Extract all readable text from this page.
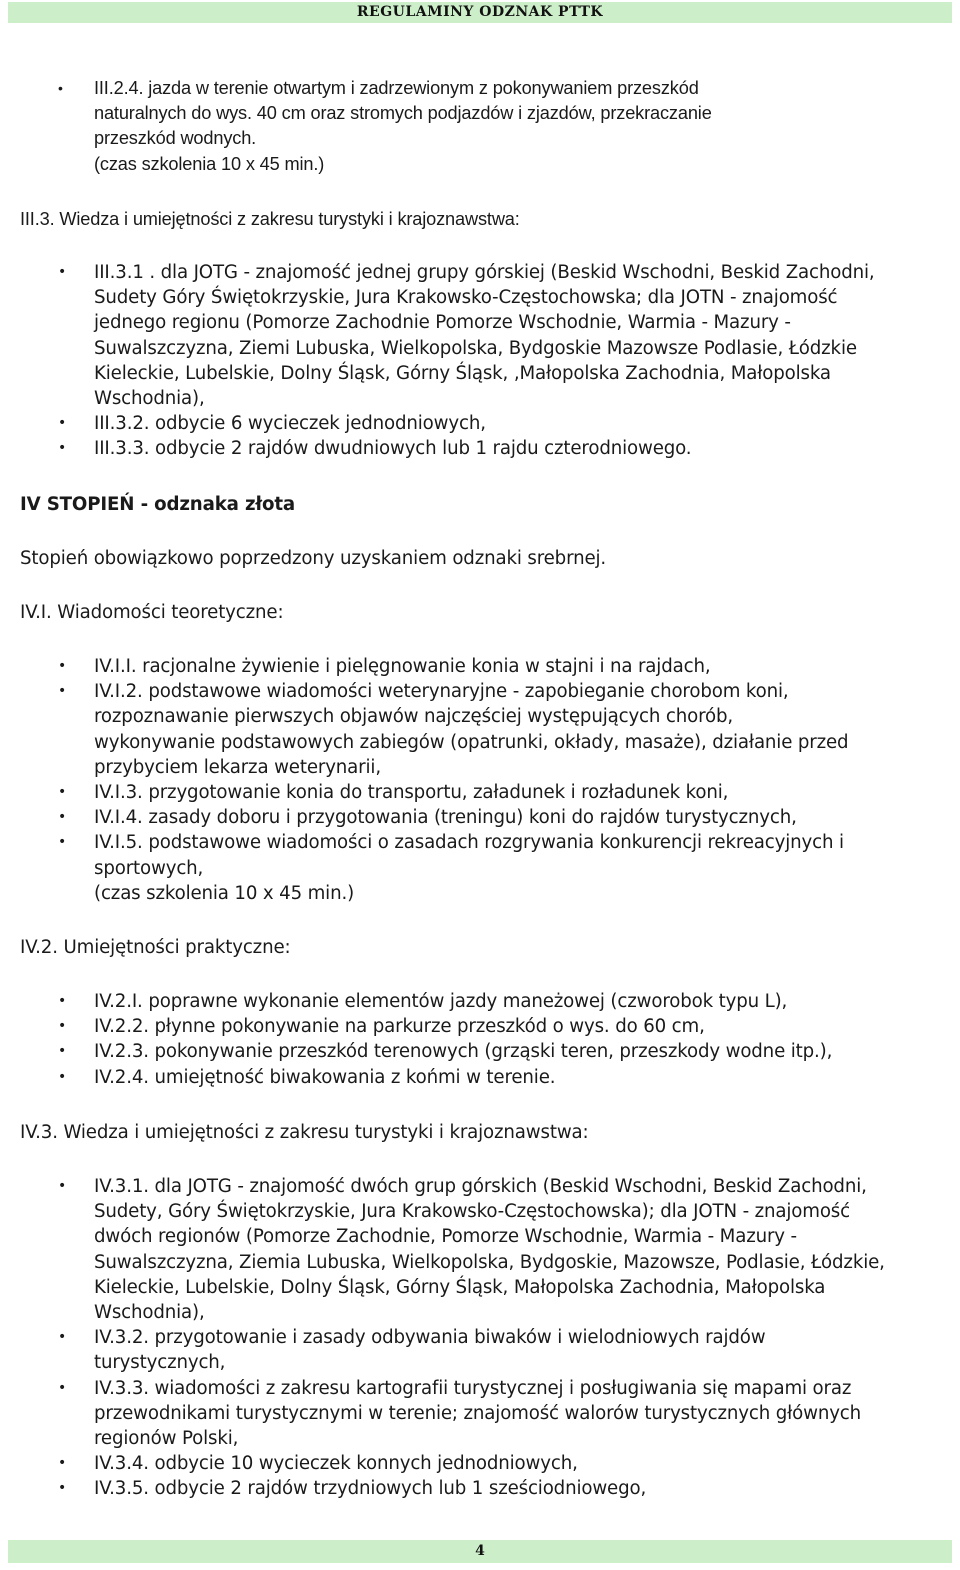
REGULAMINY ODZNAK PTTK
•	III.2.4. jazda w terenie otwartym i zadrzewionym z pokonywaniem przeszkód
naturalnych do wys. 40 cm oraz stromych podjazdów i zjazdów, przekraczanie
przeszkód wodnych.
(czas szkolenia 10 x 45 min.)
III.3. Wiedza i umiejętności z zakresu turystyki i krajoznawstwa:
• III.3.1 . dla JOTG - znajomość jednej grupy górskiej (Beskid Wschodni, Beskid Zachodni,
Sudety Góry Świętokrzyskie, Jura Krakowsko-Częstochowska; dla JOTN - znajomość
jednego regionu (Pomorze Zachodnie Pomorze Wschodnie, Warmia - Mazury -
Suwalszczyzna, Ziemi Lubuska, Wielkopolska, Bydgoskie Mazowsze Podlasie, Łódzkie
Kieleckie, Lubelskie, Dolny Śląsk, Górny Śląsk, ,Małopolska Zachodnia, Małopolska
Wschodnia),
• III.3.2. odbycie 6 wycieczek jednodniowych,
• III.3.3. odbycie 2 rajdów dwudniowych lub 1 rajdu czterodniowego.
IV STOPIEŃ - odznaka złota
Stopień obowiązkowo poprzedzony uzyskaniem odznaki srebrnej.
IV.I. Wiadomości teoretyczne:
• IV.I.I. racjonalne żywienie i pielęgnowanie konia w stajni i na rajdach,
• IV.I.2. podstawowe wiadomości weterynaryjne - zapobieganie chorobom koni,
rozpoznawanie pierwszych objawów najczęściej występujących chorób,
wykonywanie podstawowych zabiegów (opatrunki, okłady, masaże), działanie przed
przybyciem lekarza weterynarii,
• IV.I.3. przygotowanie konia do transportu, załadunek i rozładunek koni,
• IV.I.4. zasady doboru i przygotowania (treningu) koni do rajdów turystycznych,
• IV.I.5. podstawowe wiadomości o zasadach rozgrywania konkurencji rekreacyjnych i
sportowych,
(czas szkolenia 10 x 45 min.)
IV.2. Umiejętności praktyczne:
• IV.2.I. poprawne wykonanie elementów jazdy maneżowej (czworobok typu L),
• IV.2.2. płynne pokonywanie na parkurze przeszkód o wys. do 60 cm,
• IV.2.3. pokonywanie przeszkód terenowych (grząski teren, przeszkody wodne itp.),
• IV.2.4. umiejętność biwakowania z końmi w terenie.
IV.3. Wiedza i umiejętności z zakresu turystyki i krajoznawstwa:
• IV.3.1. dla JOTG - znajomość dwóch grup górskich (Beskid Wschodni, Beskid Zachodni,
Sudety, Góry Świętokrzyskie, Jura Krakowsko-Częstochowska); dla JOTN - znajomość
dwóch regionów (Pomorze Zachodnie, Pomorze Wschodnie, Warmia - Mazury -
Suwalszczyzna, Ziemia Lubuska, Wielkopolska, Bydgoskie, Mazowsze, Podlasie, Łódzkie,
Kieleckie, Lubelskie, Dolny Śląsk, Górny Śląsk, Małopolska Zachodnia, Małopolska
Wschodnia),
• IV.3.2. przygotowanie i zasady odbywania biwaków i wielodniowych rajdów
turystycznych,
• IV.3.3. wiadomości z zakresu kartografii turystycznej i posługiwania się mapami oraz
przewodnikami turystycznymi w terenie; znajomość walorów turystycznych głównych
regionów Polski,
• IV.3.4. odbycie 10 wycieczek konnych jednodniowych,
• IV.3.5. odbycie 2 rajdów trzydniowych lub 1 sześciodniowego,
4
